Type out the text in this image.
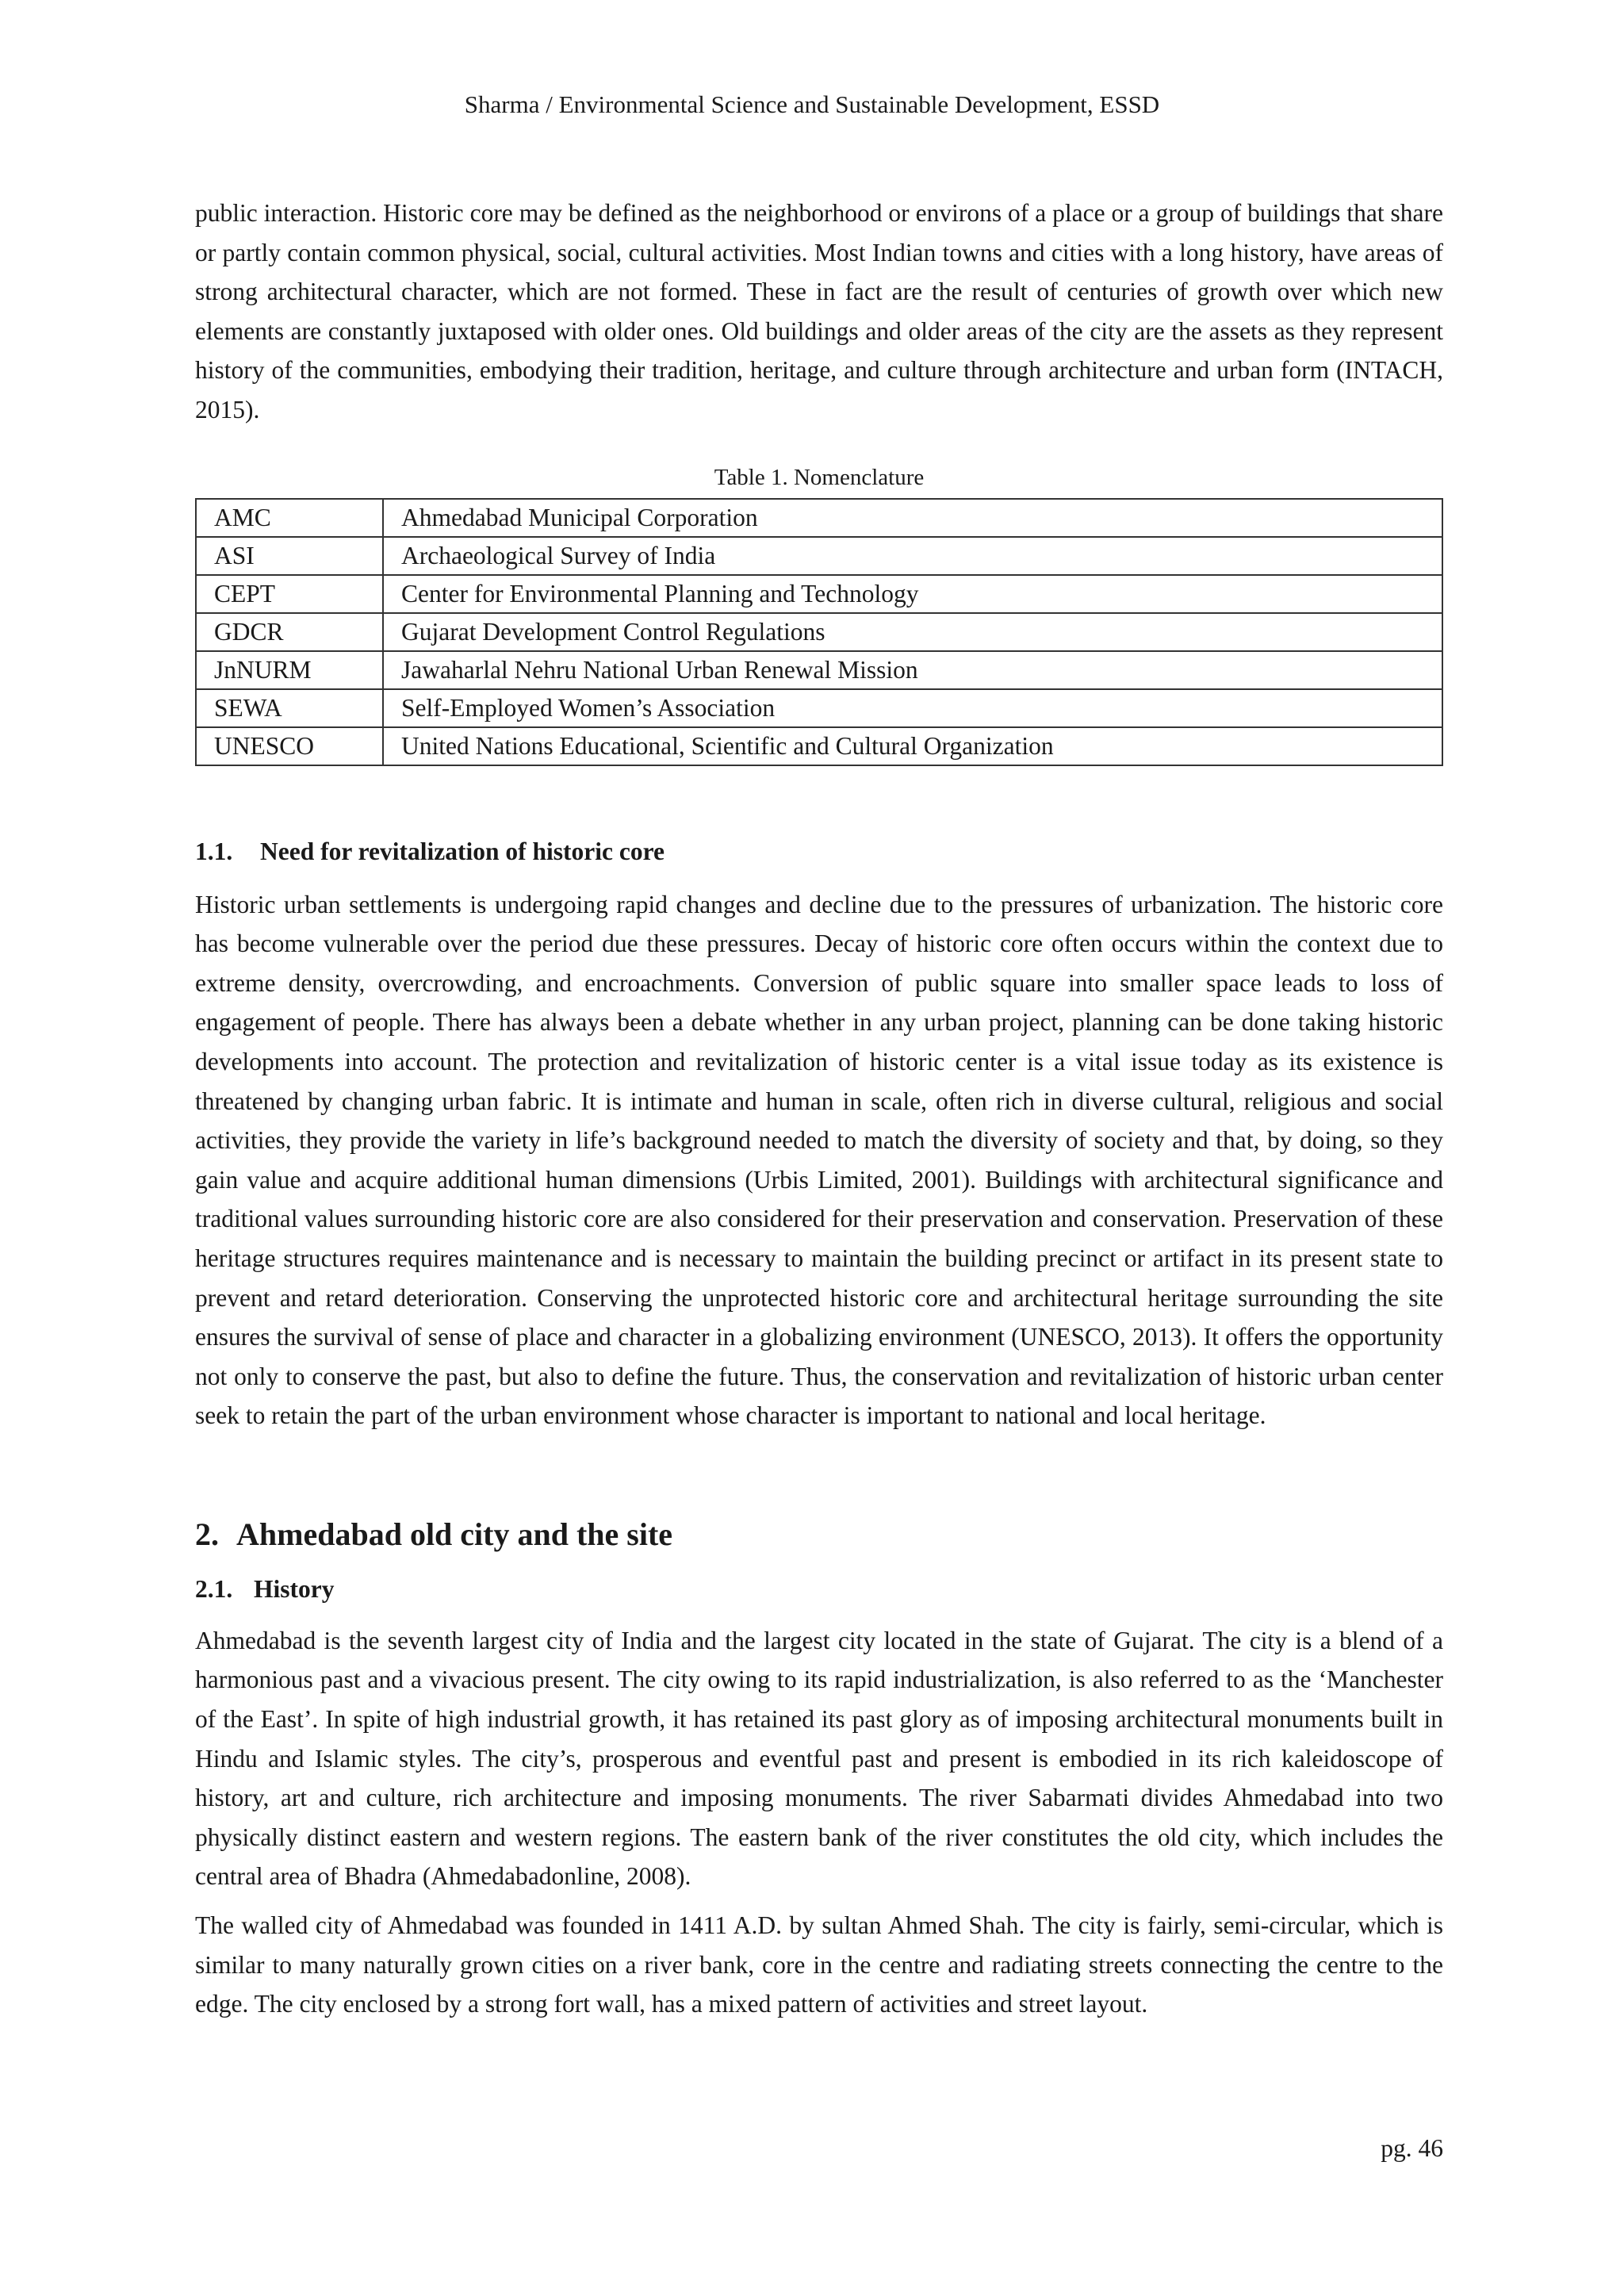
Sharma / Environmental Science and Sustainable Development, ESSD

public interaction. Historic core may be defined as the neighborhood or environs of a place or a group of buildings that share or partly contain common physical, social, cultural activities. Most Indian towns and cities with a long history, have areas of strong architectural character, which are not formed. These in fact are the result of centuries of growth over which new elements are constantly juxtaposed with older ones. Old buildings and older areas of the city are the assets as they represent history of the communities, embodying their tradition, heritage, and culture through architecture and urban form (INTACH, 2015).

Table 1. Nomenclature
AMC	Ahmedabad Municipal Corporation
ASI	Archaeological Survey of India
CEPT	Center for Environmental Planning and Technology
GDCR	Gujarat Development Control Regulations
JnNURM	Jawaharlal Nehru National Urban Renewal Mission
SEWA	Self-Employed Women’s Association
UNESCO	United Nations Educational, Scientific and Cultural Organization
1.1. Need for revitalization of historic core

Historic urban settlements is undergoing rapid changes and decline due to the pressures of urbanization. The historic core has become vulnerable over the period due these pressures. Decay of historic core often occurs within the context due to extreme density, overcrowding, and encroachments. Conversion of public square into smaller space leads to loss of engagement of people. There has always been a debate whether in any urban project, planning can be done taking historic developments into account. The protection and revitalization of historic center is a vital issue today as its existence is threatened by changing urban fabric. It is intimate and human in scale, often rich in diverse cultural, religious and social activities, they provide the variety in life’s background needed to match the diversity of society and that, by doing, so they gain value and acquire additional human dimensions (Urbis Limited, 2001). Buildings with architectural significance and traditional values surrounding historic core are also considered for their preservation and conservation. Preservation of these heritage structures requires maintenance and is necessary to maintain the building precinct or artifact in its present state to prevent and retard deterioration. Conserving the unprotected historic core and architectural heritage surrounding the site ensures the survival of sense of place and character in a globalizing environment (UNESCO, 2013). It offers the opportunity not only to conserve the past, but also to define the future. Thus, the conservation and revitalization of historic urban center seek to retain the part of the urban environment whose character is important to national and local heritage.

2. Ahmedabad old city and the site
2.1. History

Ahmedabad is the seventh largest city of India and the largest city located in the state of Gujarat. The city is a blend of a harmonious past and a vivacious present. The city owing to its rapid industrialization, is also referred to as the ‘Manchester of the East’. In spite of high industrial growth, it has retained its past glory as of imposing architectural monuments built in Hindu and Islamic styles. The city’s, prosperous and eventful past and present is embodied in its rich kaleidoscope of history, art and culture, rich architecture and imposing monuments. The river Sabarmati divides Ahmedabad into two physically distinct eastern and western regions. The eastern bank of the river constitutes the old city, which includes the central area of Bhadra (Ahmedabadonline, 2008).

The walled city of Ahmedabad was founded in 1411 A.D. by sultan Ahmed Shah. The city is fairly, semi-circular, which is similar to many naturally grown cities on a river bank, core in the centre and radiating streets connecting the centre to the edge. The city enclosed by a strong fort wall, has a mixed pattern of activities and street layout.

pg. 46
